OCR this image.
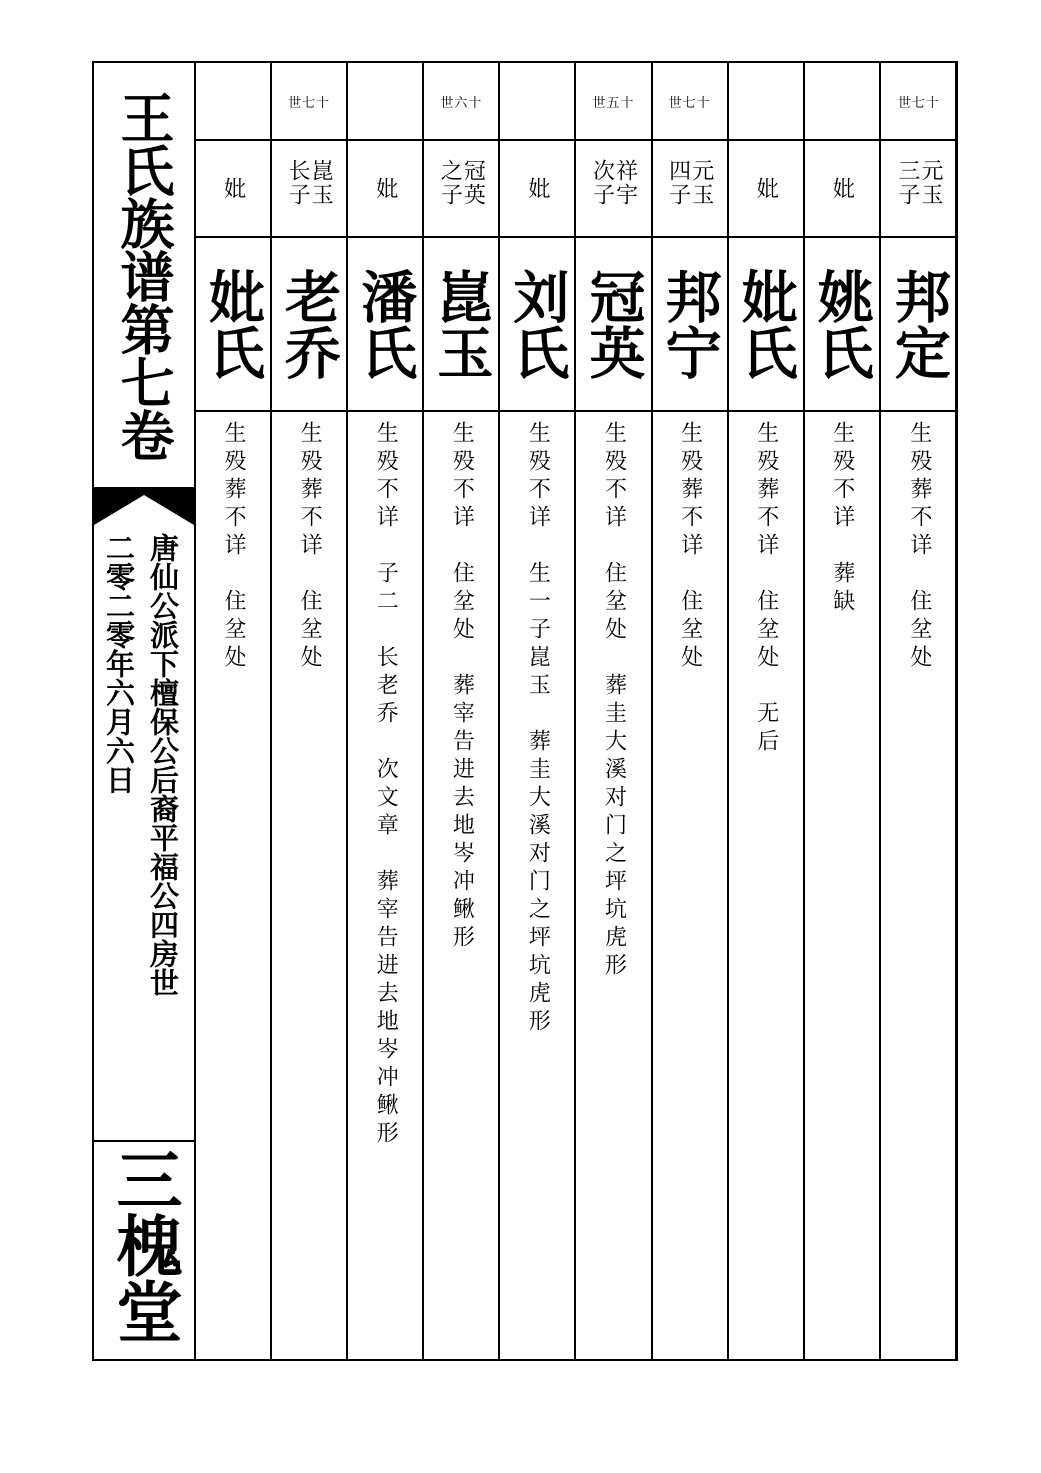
王氏族谱第七卷
唐仙公派下檀保公后裔平福公四房世
二零二零年六月六日
三槐堂
妣
妣氏
生殁葬不详　住坌处
十七世
崑玉长子
老乔
生殁葬不详　住坌处
妣
潘氏
生殁不详　子二　长老乔　次文章　葬宰告进去地岑冲鳅形
十六世
冠英之子
崑玉
生殁不详　住坌处　葬宰告进去地岑冲鳅形
妣
刘氏
生殁不详　生一子崑玉　葬圭大溪对门之坪坑虎形
十五世
祥宇次子
冠英
生殁不详　住坌处　葬圭大溪对门之坪坑虎形
十七世
元玉四子
邦宁
生殁葬不详　住坌处
妣
妣氏
生殁葬不详　住坌处　无后
妣
姚氏
生殁不详　葬缺
十七世
元玉三子
邦定
生殁葬不详　住坌处
